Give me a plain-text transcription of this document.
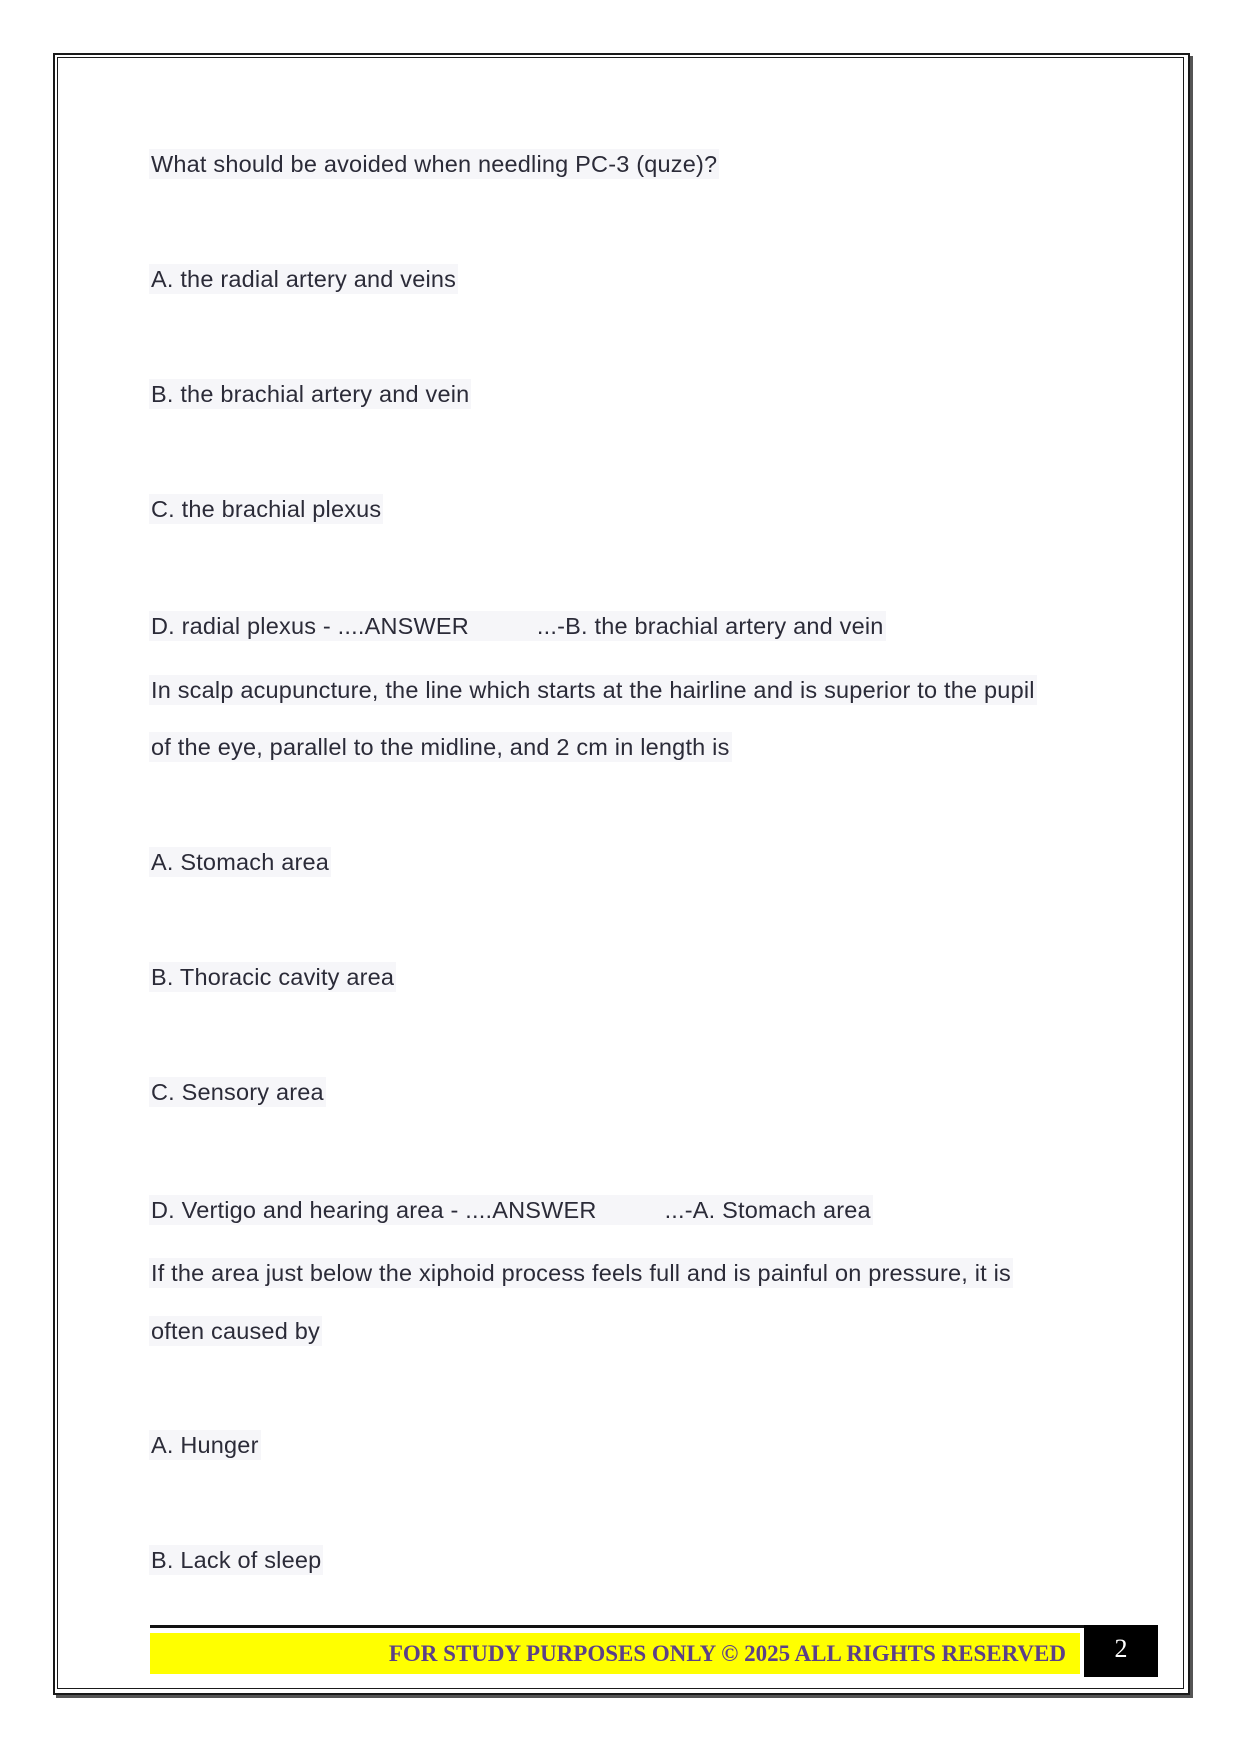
What should be avoided when needling PC-3 (quze)?
A. the radial artery and veins
B. the brachial artery and vein
C. the brachial plexus
D. radial plexus - ....ANSWER	...-B. the brachial artery and vein
In scalp acupuncture, the line which starts at the hairline and is superior to the pupil
of the eye, parallel to the midline, and 2 cm in length is
A. Stomach area
B. Thoracic cavity area
C. Sensory area
D. Vertigo and hearing area - ....ANSWER	...-A. Stomach area
If the area just below the xiphoid process feels full and is painful on pressure, it is
often caused by
A. Hunger
B. Lack of sleep
FOR STUDY PURPOSES ONLY © 2025 ALL RIGHTS RESERVED	2
